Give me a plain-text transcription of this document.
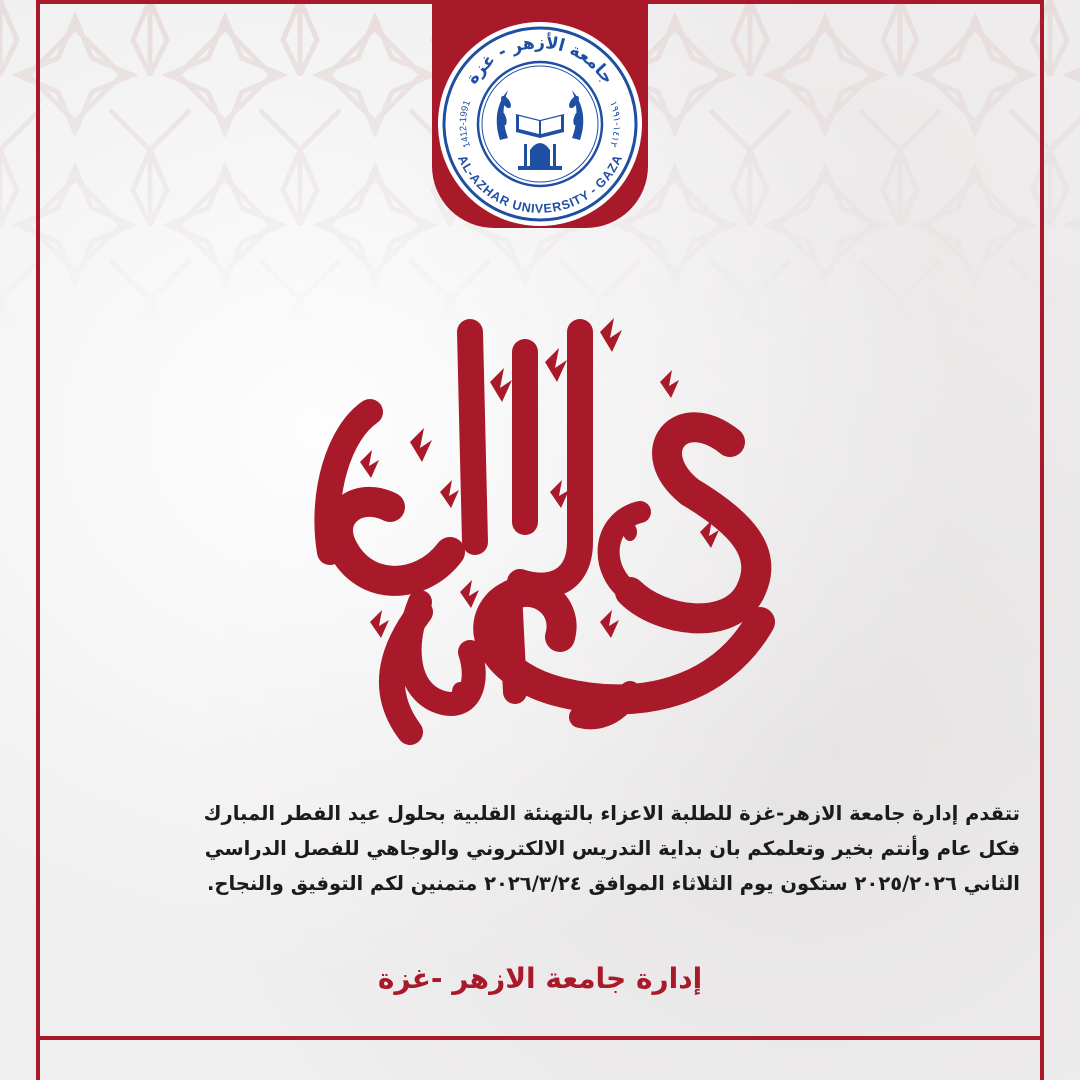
جامعة الأزهر - غزة
AL-AZHAR UNIVERSITY - GAZA
1412-1991	١٤١٢-١٩٩١
تتقدم إدارة جامعة الازهر-غزة للطلبة الاعزاء بالتهنئة القلبية بحلول عيد الفطر المبارك
فكل عام وأنتم بخير وتعلمكم بان بداية التدريس الالكتروني والوجاهي للفصل الدراسي
الثاني ٢٠٢٥/٢٠٢٦ ستكون يوم الثلاثاء الموافق ٢٠٢٦/٣/٢٤ متمنين لكم التوفيق والنجاح.
إدارة جامعة الازهر -غزة
